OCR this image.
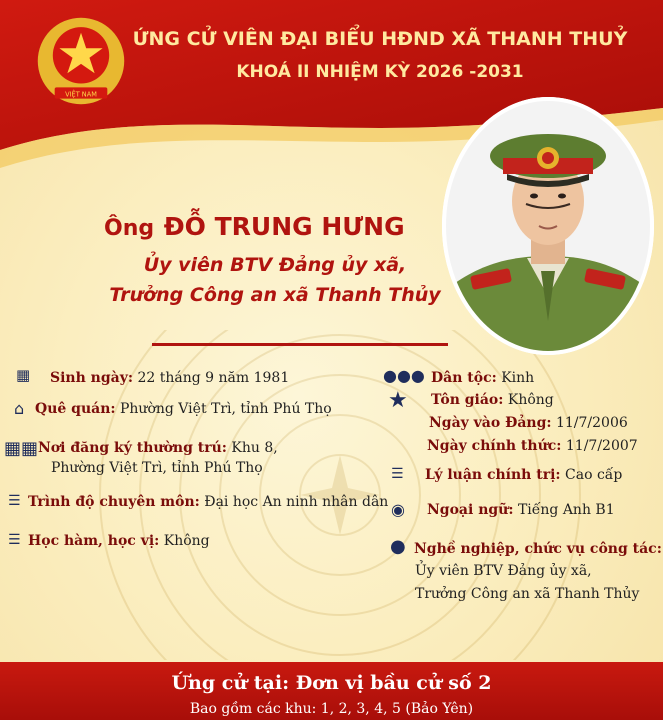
VIỆT NAM
ỨNG CỬ VIÊN ĐẠI BIỂU HĐND XÃ THANH THUỶ
KHOÁ II NHIỆM KỲ 2026 -2031
Ông ĐỖ TRUNG HƯNG
Ủy viên BTV Đảng ủy xã,
Trưởng Công an xã Thanh Thủy
▦ Sinh ngày: 22 tháng 9 năm 1981
⌂ Quê quán: Phường Việt Trì, tỉnh Phú Thọ
▦▦ Nơi đăng ký thường trú: Khu 8,
Phường Việt Trì, tỉnh Phú Thọ
☰ Trình độ chuyên môn: Đại học An ninh nhân dân
☰ Học hàm, học vị: Không
●●● Dân tộc: Kinh
★ Tôn giáo: Không
Ngày vào Đảng: 11/7/2006
Ngày chính thức: 11/7/2007
☰ Lý luận chính trị: Cao cấp
◉ Ngoại ngữ: Tiếng Anh B1
● Nghề nghiệp, chức vụ công tác:
Ủy viên BTV Đảng ủy xã,
Trưởng Công an xã Thanh Thủy
Ứng cử tại: Đơn vị bầu cử số 2
Bao gồm các khu: 1, 2, 3, 4, 5 (Bảo Yên)
